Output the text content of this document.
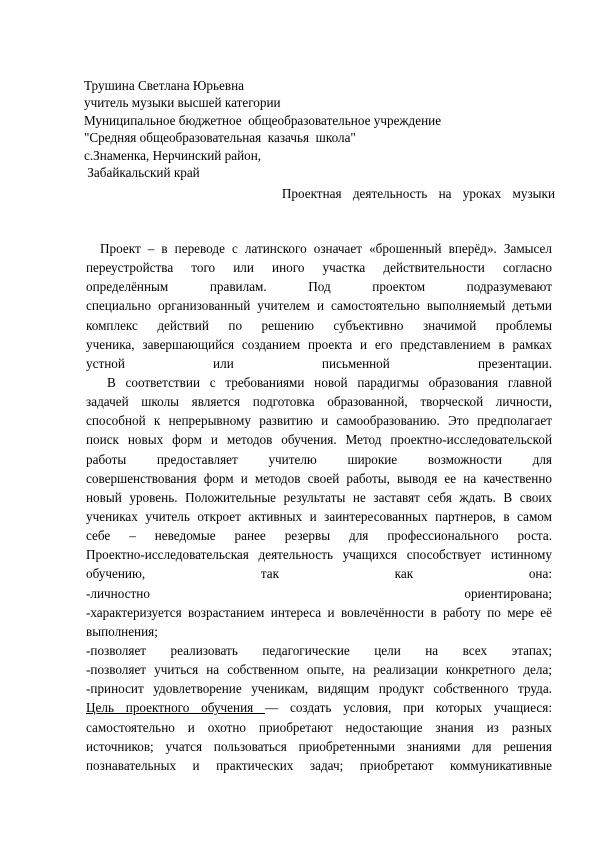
Трушина Светлана Юрьевна
учитель музыки высшей категории
Муниципальное бюджетное  общеобразовательное учреждение
"Средняя общеобразовательная  казачья  школа"
с.Знаменка, Нерчинский район,
Забайкальский край
Проектная деятельность на уроках музыки
Проект – в переводе с латинского означает «брошенный вперёд». Замысел
переустройства того или иного участка действительности согласно
определённым правилам. Под проектом подразумевают
специально организованный учителем и самостоятельно выполняемый детьми
комплекс действий по решению субъективно значимой проблемы
ученика, завершающийся созданием проекта и его представлением в рамках
устной или письменной презентации.
В соответствии с требованиями новой парадигмы образования главной
задачей школы является подготовка образованной, творческой личности,
способной к непрерывному развитию и самообразованию. Это предполагает
поиск новых форм и методов обучения. Метод проектно-исследовательской
работы предоставляет учителю широкие возможности для
совершенствования форм и методов своей работы, выводя ее на качественно
новый уровень. Положительные результаты не заставят себя ждать. В своих
учениках учитель откроет активных и заинтересованных партнеров, в самом
себе – неведомые ранее резервы для профессионального роста.
Проектно-исследовательская деятельность учащихся способствует истинному
обучению, так как она:
-личностно ориентирована;
-характеризуется возрастанием интереса и вовлечённости в работу по мере её
выполнения;
-позволяет реализовать педагогические цели на всех этапах;
-позволяет учиться на собственном опыте, на реализации конкретного дела;
-приносит удовлетворение ученикам, видящим продукт собственного труда.
Цель проектного обучения — создать условия, при которых учащиеся:
самостоятельно и охотно приобретают недостающие знания из разных
источников; учатся пользоваться приобретенными знаниями для решения
познавательных и практических задач; приобретают коммуникативные
